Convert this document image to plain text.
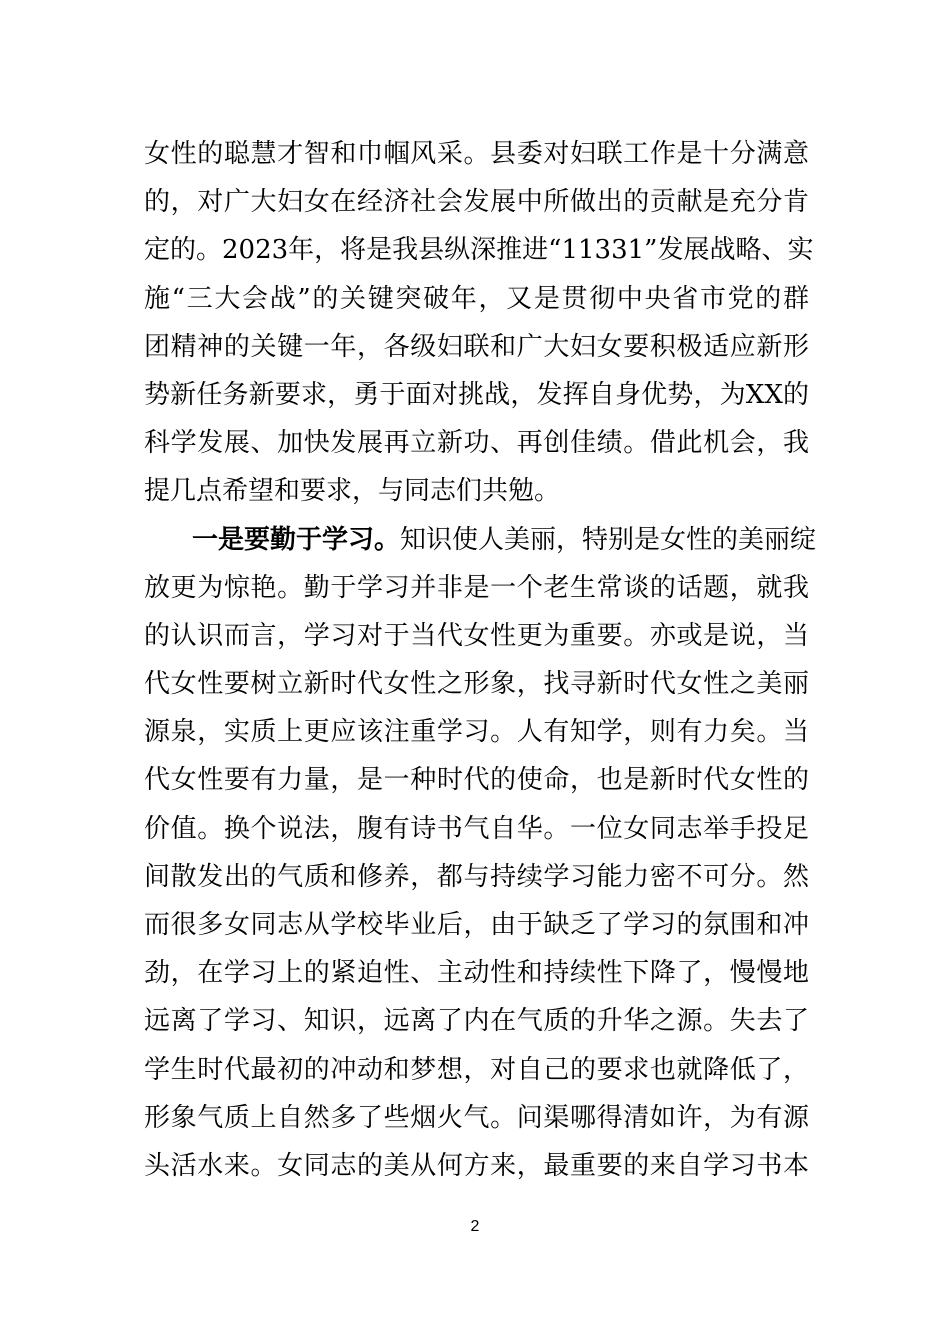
女性的聪慧才智和巾帼风采。县委对妇联工作是十分满意
的，对广大妇女在经济社会发展中所做出的贡献是充分肯
定的。2023年，将是我县纵深推进“11331”发展战略、实
施“三大会战”的关键突破年，又是贯彻中央省市党的群
团精神的关键一年，各级妇联和广大妇女要积极适应新形
势新任务新要求，勇于面对挑战，发挥自身优势，为XX的
科学发展、加快发展再立新功、再创佳绩。借此机会，我
提几点希望和要求，与同志们共勉。
一是要勤于学习。知识使人美丽，特别是女性的美丽绽
放更为惊艳。勤于学习并非是一个老生常谈的话题，就我
的认识而言，学习对于当代女性更为重要。亦或是说，当
代女性要树立新时代女性之形象，找寻新时代女性之美丽
源泉，实质上更应该注重学习。人有知学，则有力矣。当
代女性要有力量，是一种时代的使命，也是新时代女性的
价值。换个说法，腹有诗书气自华。一位女同志举手投足
间散发出的气质和修养，都与持续学习能力密不可分。然
而很多女同志从学校毕业后，由于缺乏了学习的氛围和冲
劲，在学习上的紧迫性、主动性和持续性下降了，慢慢地
远离了学习、知识，远离了内在气质的升华之源。失去了
学生时代最初的冲动和梦想，对自己的要求也就降低了，
形象气质上自然多了些烟火气。问渠哪得清如许，为有源
头活水来。女同志的美从何方来，最重要的来自学习书本
2
